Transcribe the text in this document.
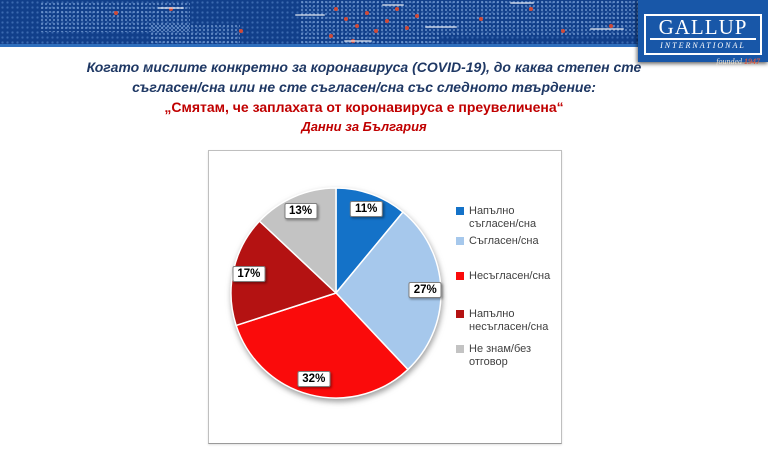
GALLUP
INTERNATIONAL
founded 1947
Когато мислите конкретно за коронавируса (COVID-19), до каква степен сте
съгласен/сна или не сте съгласен/сна със следното твърдение:
„Смятам, че заплахата от коронавируса е преувеличена“
Данни за България
11%
27%
32%
17%
13%	Напълно съгласен/сна
Съгласен/сна
Несъгласен/сна
Напълно несъгласен/сна
Не знам/без отговор
